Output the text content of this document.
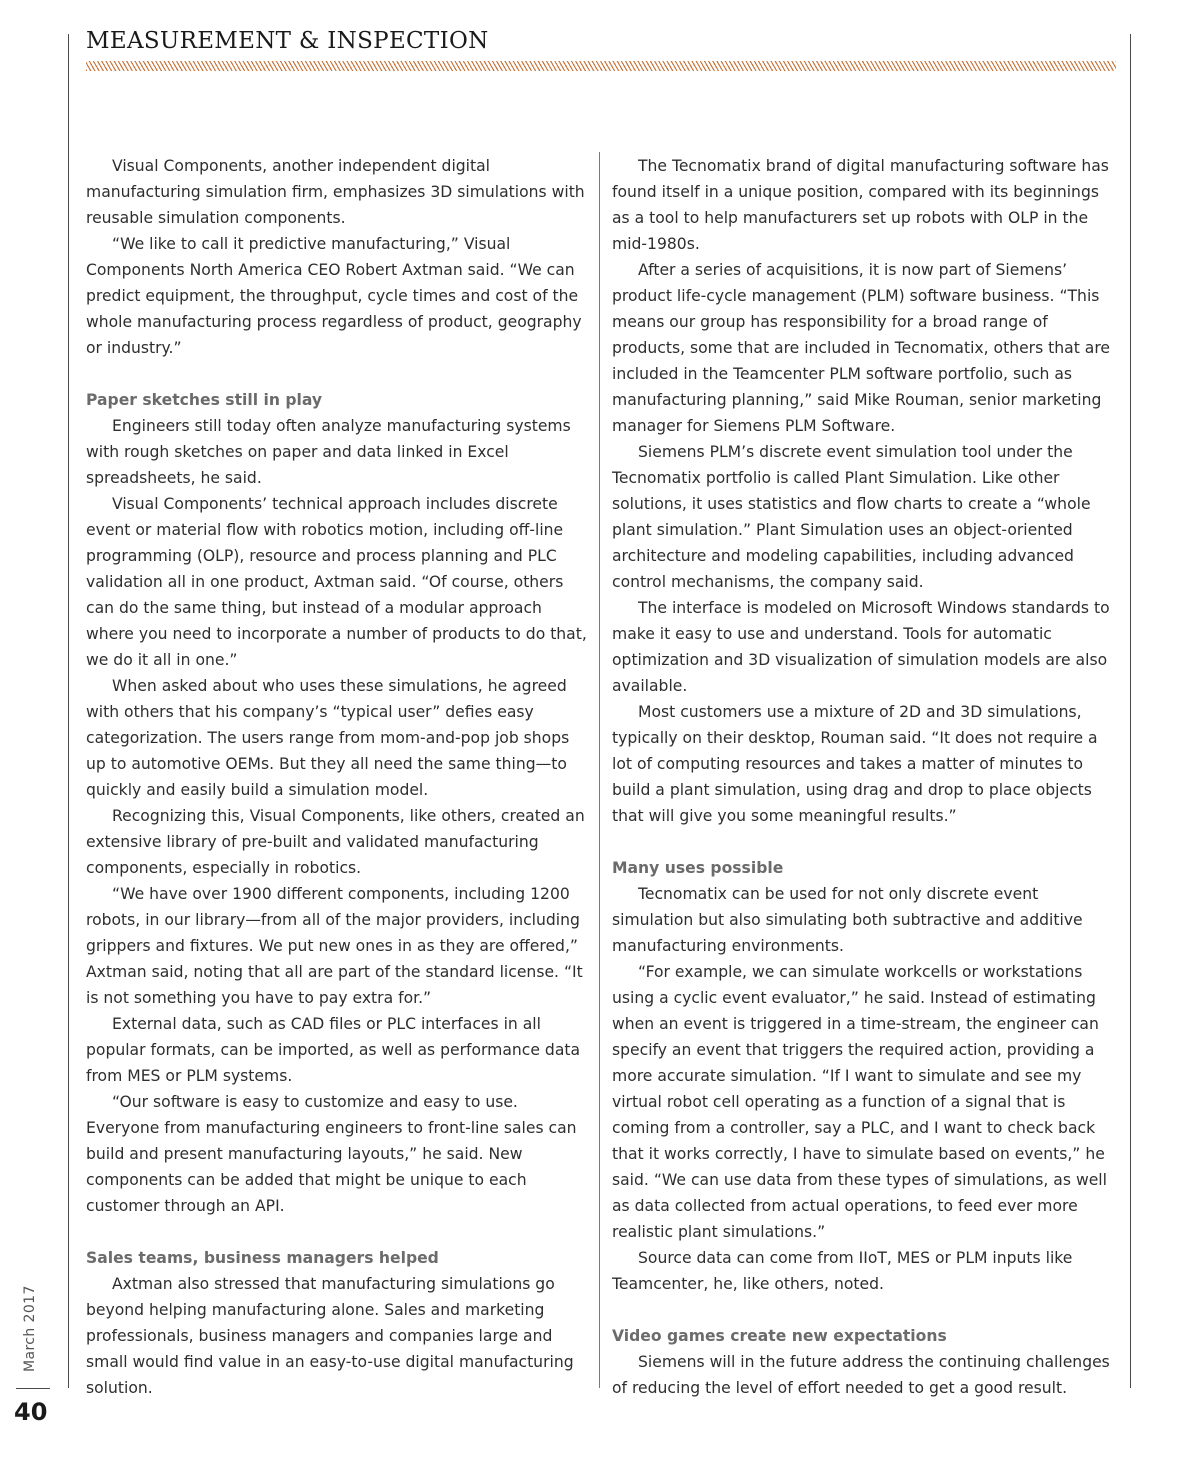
MEASUREMENT & INSPECTION

Visual Components, another independent digital manufacturing simulation firm, emphasizes 3D simulations with reusable simulation components.

“We like to call it predictive manufacturing,” Visual Components North America CEO Robert Axtman said. “We can predict equipment, the throughput, cycle times and cost of the whole manufacturing process regardless of product, geography or industry.”

Paper sketches still in play

Engineers still today often analyze manufacturing systems with rough sketches on paper and data linked in Excel spreadsheets, he said.

Visual Components’ technical approach includes discrete event or material flow with robotics motion, including off-line programming (OLP), resource and process planning and PLC validation all in one product, Axtman said. “Of course, others can do the same thing, but instead of a modular approach where you need to incorporate a number of products to do that, we do it all in one.”

When asked about who uses these simulations, he agreed with others that his company’s “typical user” defies easy categorization. The users range from mom-and-pop job shops up to automotive OEMs. But they all need the same thing—to quickly and easily build a simulation model.

Recognizing this, Visual Components, like others, created an extensive library of pre-built and validated manufacturing components, especially in robotics.

“We have over 1900 different components, including 1200 robots, in our library—from all of the major providers, including grippers and fixtures. We put new ones in as they are offered,” Axtman said, noting that all are part of the standard license. “It is not something you have to pay extra for.”

External data, such as CAD files or PLC interfaces in all popular formats, can be imported, as well as performance data from MES or PLM systems.

“Our software is easy to customize and easy to use. Everyone from manufacturing engineers to front-line sales can build and present manufacturing layouts,” he said. New components can be added that might be unique to each customer through an API.

Sales teams, business managers helped

Axtman also stressed that manufacturing simulations go beyond helping manufacturing alone. Sales and marketing professionals, business managers and companies large and small would find value in an easy-to-use digital manufacturing solution.

The Tecnomatix brand of digital manufacturing software has found itself in a unique position, compared with its beginnings as a tool to help manufacturers set up robots with OLP in the mid-1980s.

After a series of acquisitions, it is now part of Siemens’ product life-cycle management (PLM) software business. “This means our group has responsibility for a broad range of products, some that are included in Tecnomatix, others that are included in the Teamcenter PLM software portfolio, such as manufacturing planning,” said Mike Rouman, senior marketing manager for Siemens PLM Software.

Siemens PLM’s discrete event simulation tool under the Tecnomatix portfolio is called Plant Simulation. Like other solutions, it uses statistics and flow charts to create a “whole plant simulation.” Plant Simulation uses an object-oriented architecture and modeling capabilities, including advanced control mechanisms, the company said.

The interface is modeled on Microsoft Windows standards to make it easy to use and understand. Tools for automatic optimization and 3D visualization of simulation models are also available.

Most customers use a mixture of 2D and 3D simulations, typically on their desktop, Rouman said. “It does not require a lot of computing resources and takes a matter of minutes to build a plant simulation, using drag and drop to place objects that will give you some meaningful results.”

Many uses possible

Tecnomatix can be used for not only discrete event simulation but also simulating both subtractive and additive manufacturing environments.

“For example, we can simulate workcells or workstations using a cyclic event evaluator,” he said. Instead of estimating when an event is triggered in a time-stream, the engineer can specify an event that triggers the required action, providing a more accurate simulation. “If I want to simulate and see my virtual robot cell operating as a function of a signal that is coming from a controller, say a PLC, and I want to check back that it works correctly, I have to simulate based on events,” he said. “We can use data from these types of simulations, as well as data collected from actual operations, to feed ever more realistic plant simulations.”

Source data can come from IIoT, MES or PLM inputs like Teamcenter, he, like others, noted.

Video games create new expectations

Siemens will in the future address the continuing challenges of reducing the level of effort needed to get a good result.

March 2017
40
